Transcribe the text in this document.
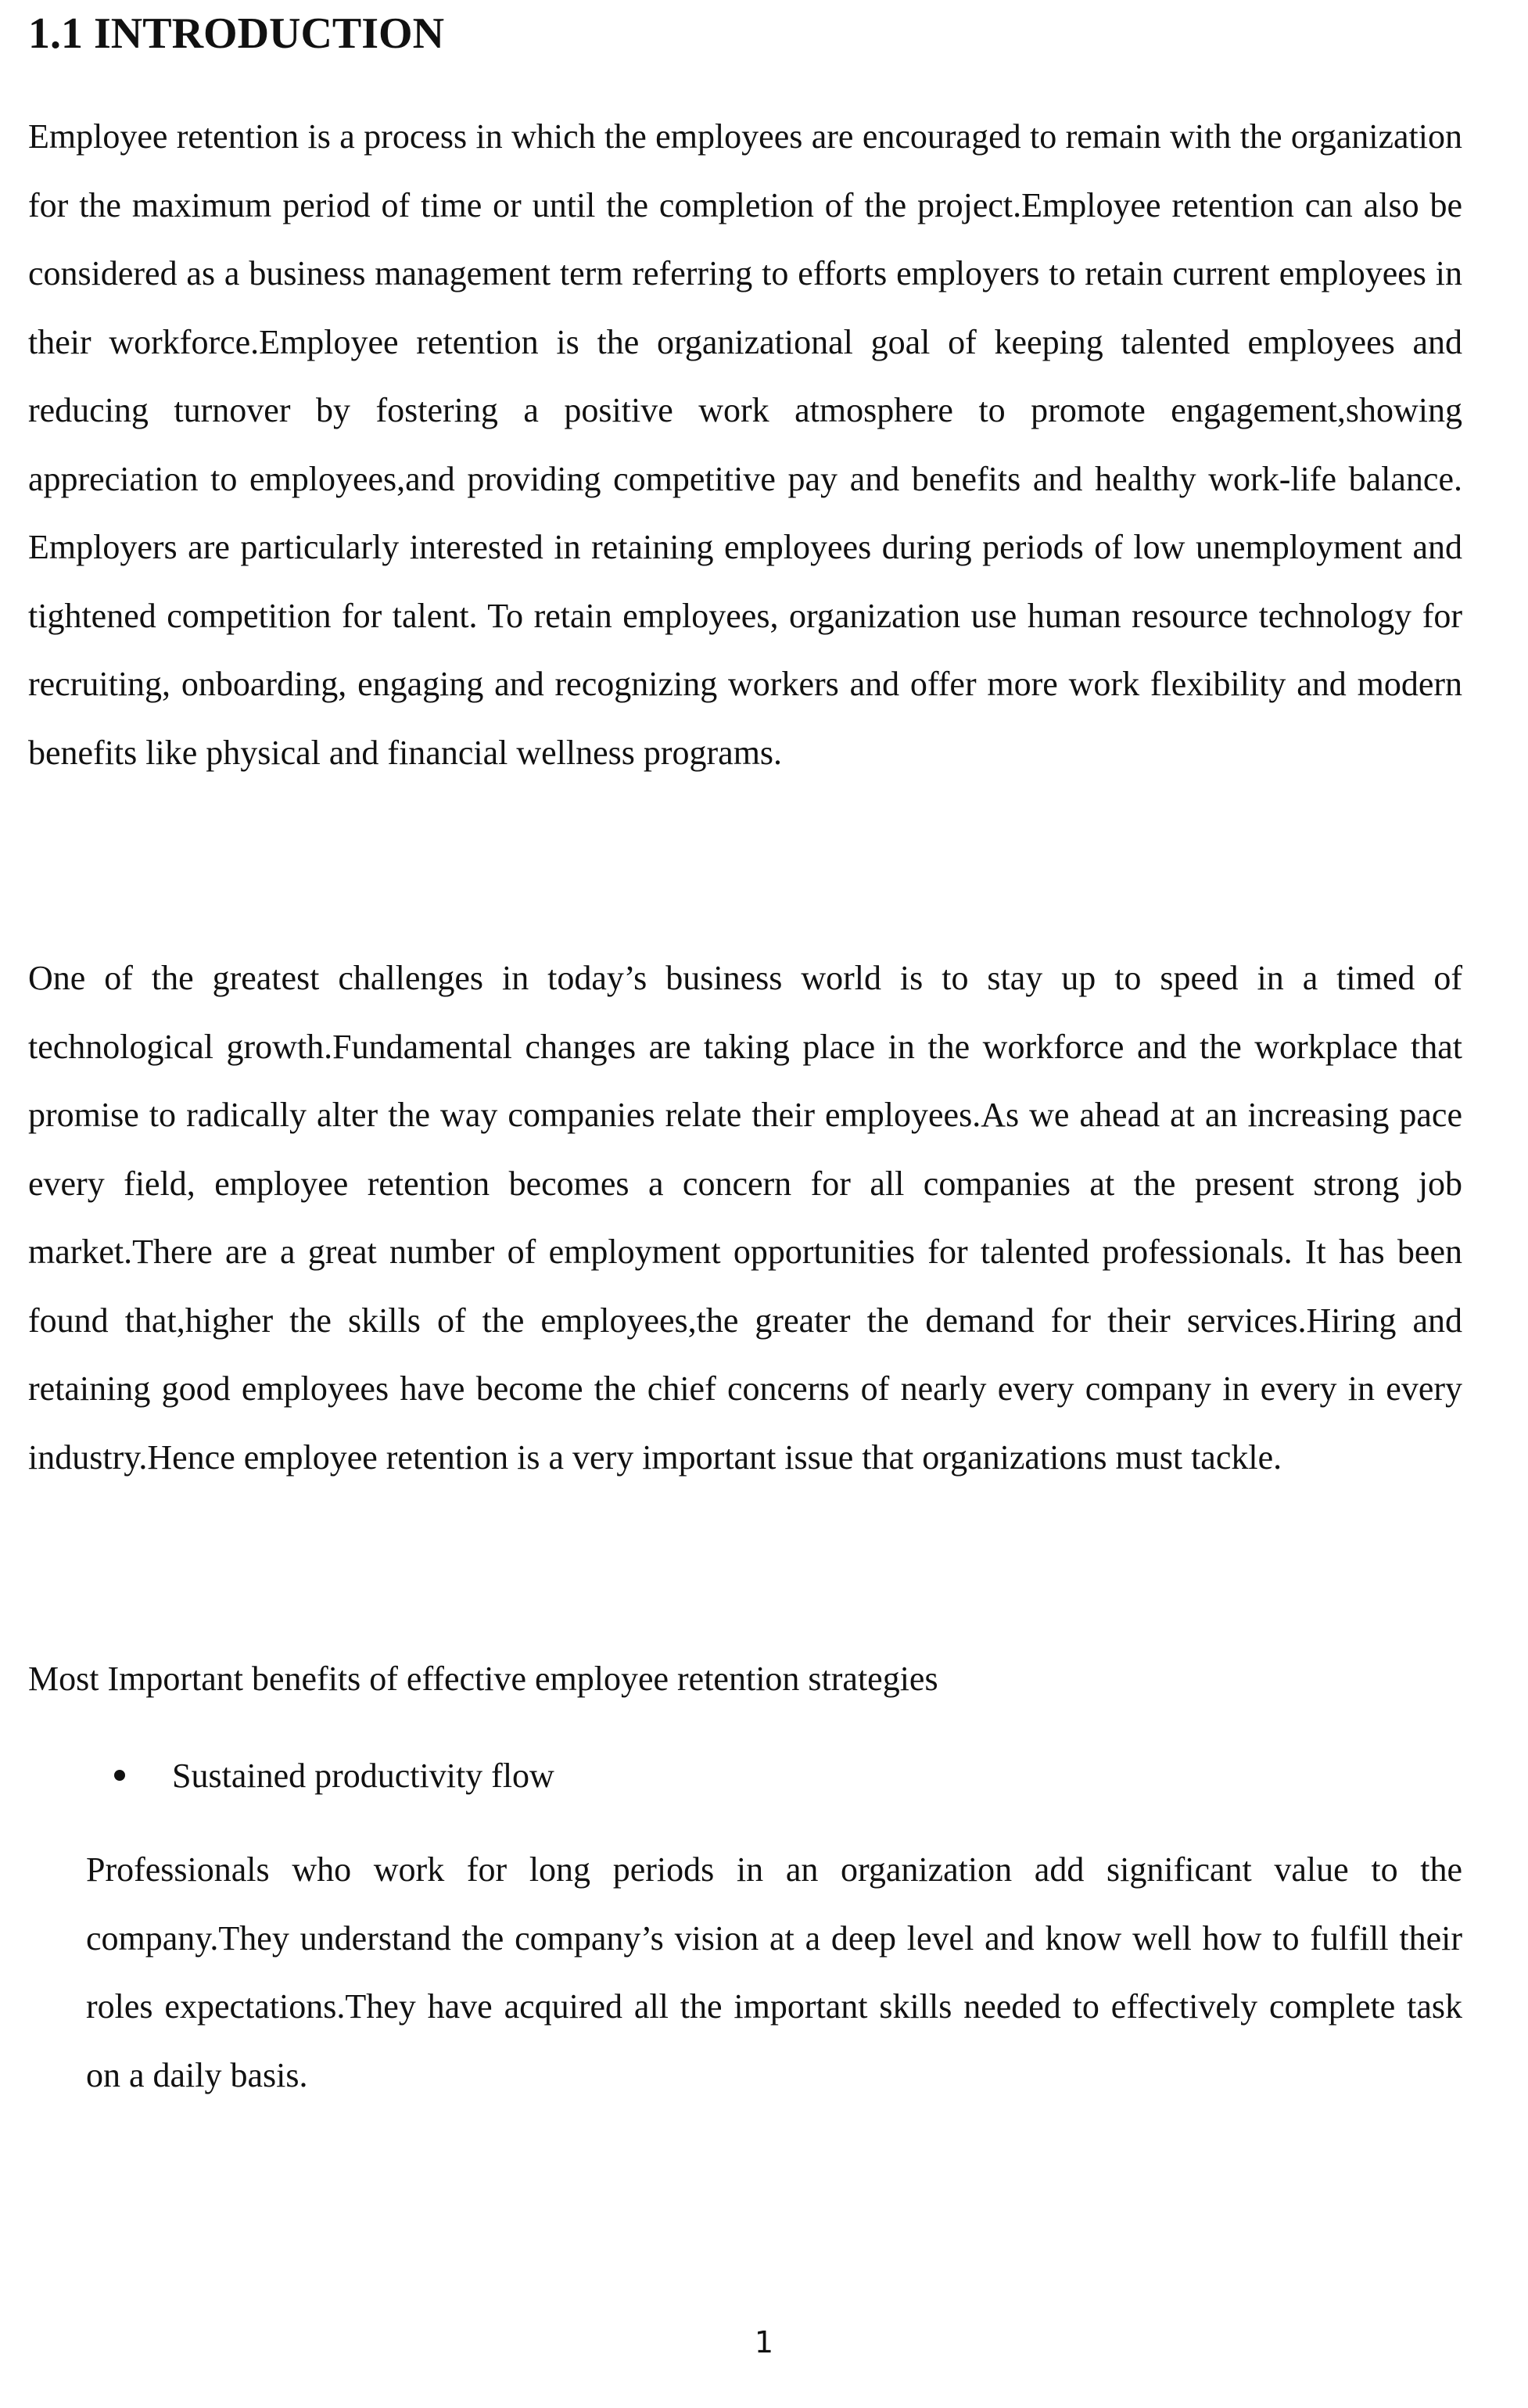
1.1 INTRODUCTION

Employee retention is a process in which the employees are encouraged to remain with the organization for the maximum period of time or until the completion of the project.Employee retention can also be considered as a business management term referring to efforts employers to retain current employees in their workforce.Employee retention is the organizational goal of keeping talented employees and reducing turnover by fostering a positive work atmosphere to promote engagement,showing appreciation to employees,and providing competitive pay and benefits and healthy work-life balance. Employers are particularly interested in retaining employees during periods of low unemployment and tightened competition for talent. To retain employees, organization use human resource technology for recruiting, onboarding, engaging and recognizing workers and offer more work flexibility and modern benefits like physical and financial wellness programs.

One of the greatest challenges in today’s business world is to stay up to speed in a timed of technological growth.Fundamental changes are taking place in the workforce and the workplace that promise to radically alter the way companies relate their employees.As we ahead at an increasing pace every field, employee retention becomes a concern for all companies at the present strong job market.There are a great number of employment opportunities for talented professionals. It has been found that,higher the skills of the employees,the greater the demand for their services.Hiring and retaining good employees have become the chief concerns of nearly every company in every in every industry.Hence employee retention is a very important issue that organizations must tackle.

Most Important benefits of effective employee retention strategies

Sustained productivity flow

Professionals who work for long periods in an organization add significant value to the company.They understand the company’s vision at a deep level and know well how to fulfill their roles expectations.They have acquired all the important skills needed to effectively complete task on a daily basis.

1
